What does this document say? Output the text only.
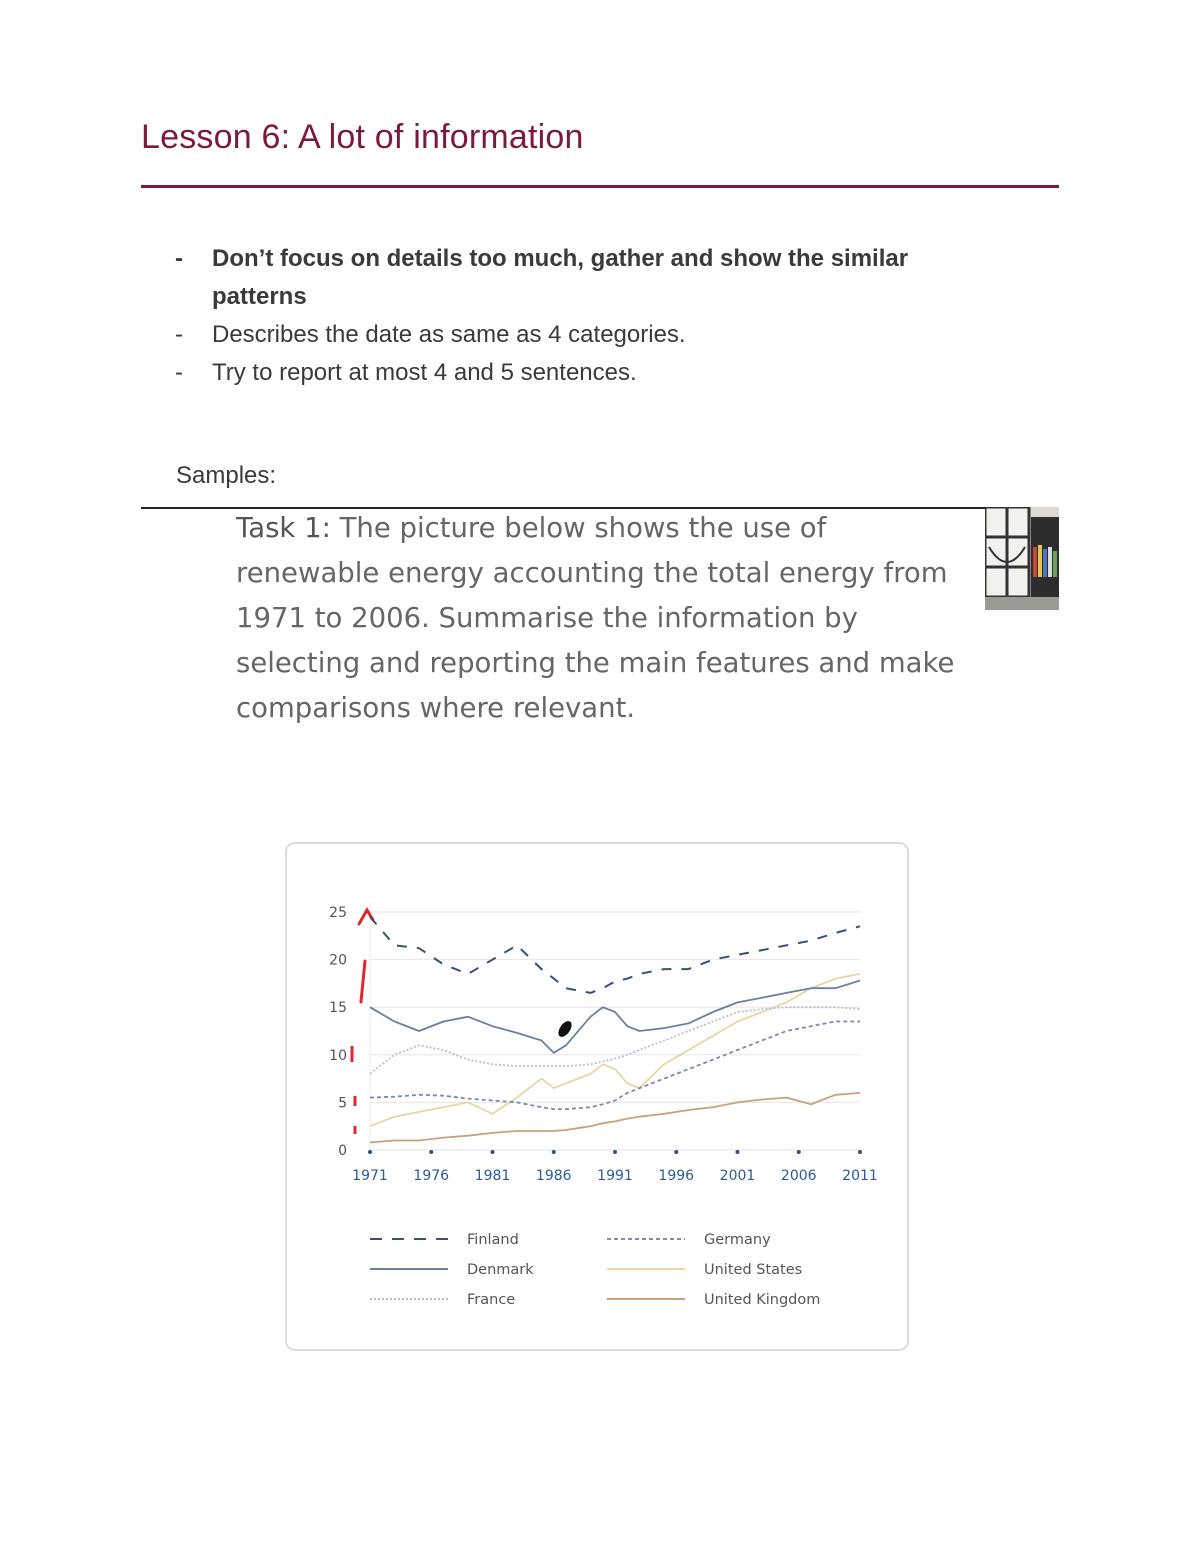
Lesson 6: A lot of information
-	Don’t focus on details too much, gather and show the similar patterns
-	Describes the date as same as 4 categories.
-	Try to report at most 4 and 5 sentences.
Samples:
Task 1: The picture below shows the use of renewable energy accounting the total energy from 1971 to 2006. Summarise the information by selecting and reporting the main features and make comparisons where relevant.
0
5
10
15
20
25
1971 1976 1981 1986 1991 1996 2001 2006 2011
Finland
Denmark
France
Germany
United States
United Kingdom
